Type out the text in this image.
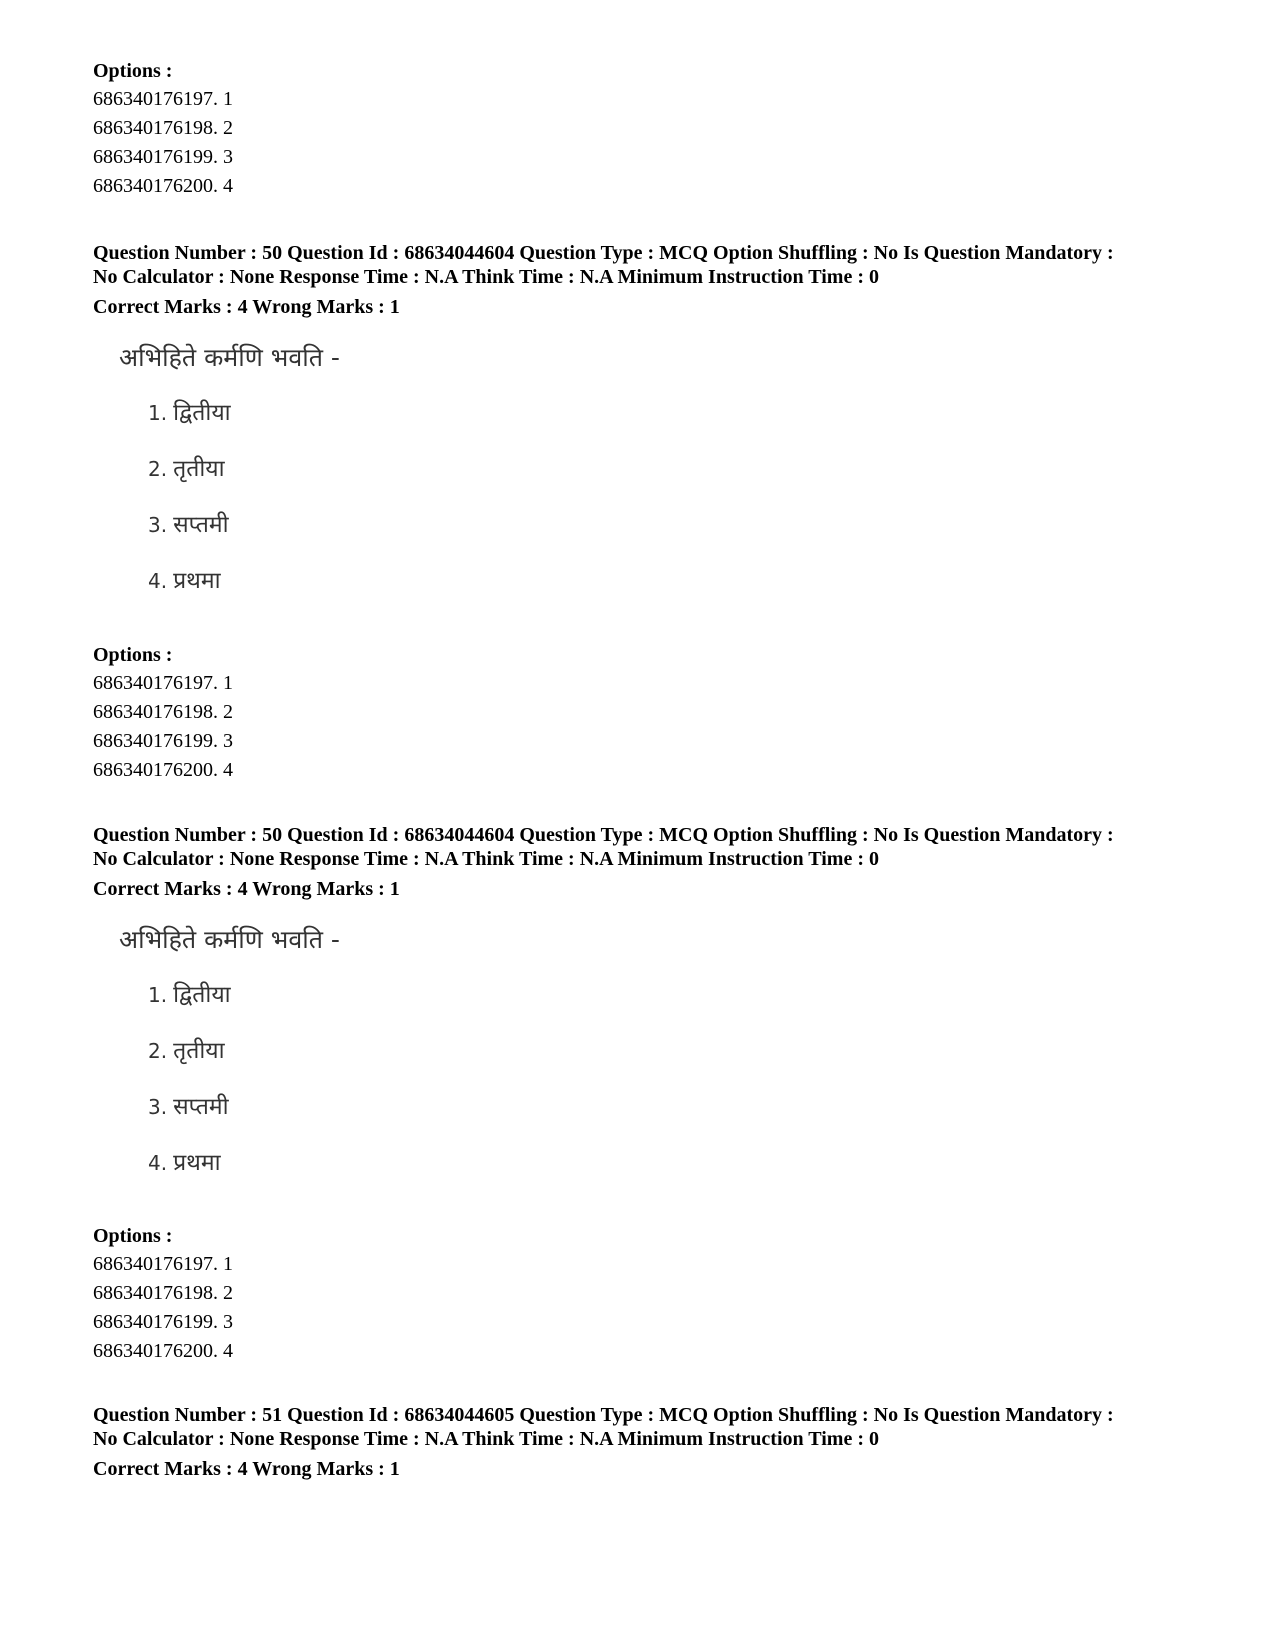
Options :

686340176197. 1

686340176198. 2

686340176199. 3

686340176200. 4

Question Number : 50 Question Id : 68634044604 Question Type : MCQ Option Shuffling : No Is Question Mandatory :

No Calculator : None Response Time : N.A Think Time : N.A Minimum Instruction Time : 0

Correct Marks : 4 Wrong Marks : 1

अभिहिते कर्मणि भवति -
1. द्वितीया
2. तृतीया
3. सप्तमी
4. प्रथमा

Options :

686340176197. 1

686340176198. 2

686340176199. 3

686340176200. 4

Question Number : 50 Question Id : 68634044604 Question Type : MCQ Option Shuffling : No Is Question Mandatory :

No Calculator : None Response Time : N.A Think Time : N.A Minimum Instruction Time : 0

Correct Marks : 4 Wrong Marks : 1

अभिहिते कर्मणि भवति -
1. द्वितीया
2. तृतीया
3. सप्तमी
4. प्रथमा

Options :

686340176197. 1

686340176198. 2

686340176199. 3

686340176200. 4

Question Number : 51 Question Id : 68634044605 Question Type : MCQ Option Shuffling : No Is Question Mandatory :

No Calculator : None Response Time : N.A Think Time : N.A Minimum Instruction Time : 0

Correct Marks : 4 Wrong Marks : 1
